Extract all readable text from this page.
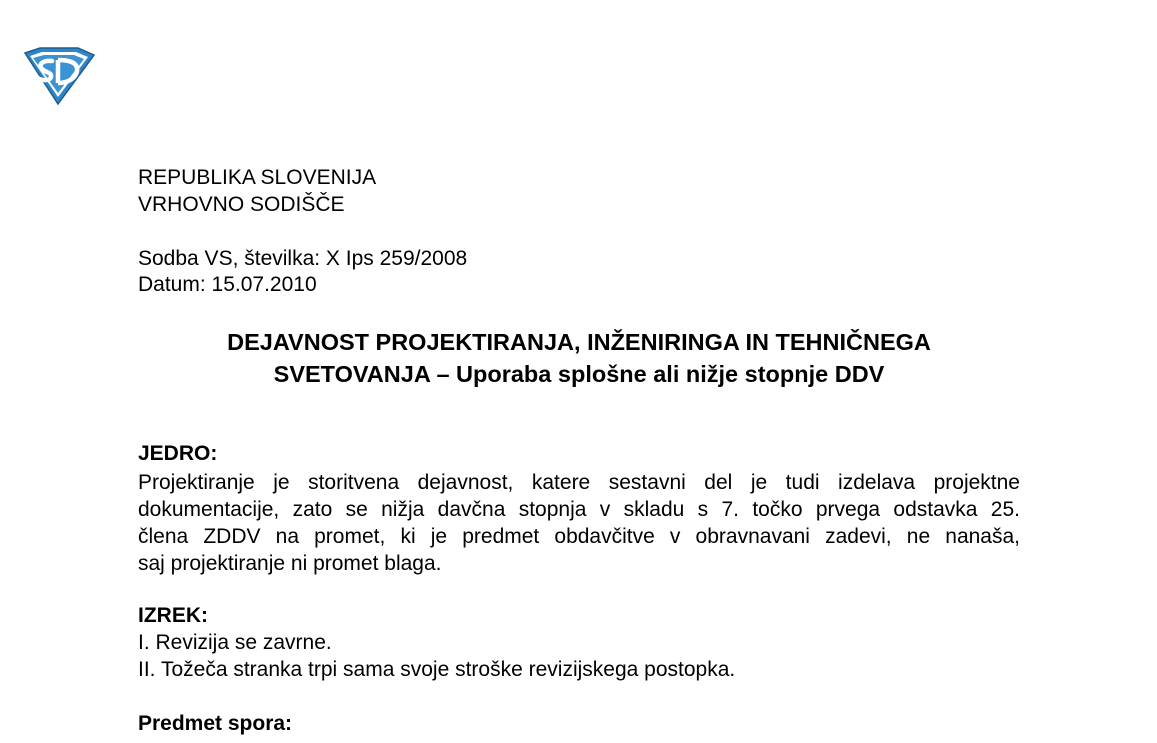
REPUBLIKA SLOVENIJA
VRHOVNO SODIŠČE
Sodba VS, številka: X Ips 259/2008
Datum: 15.07.2010
DEJAVNOST PROJEKTIRANJA, INŽENIRINGA IN TEHNIČNEGA
SVETOVANJA – Uporaba splošne ali nižje stopnje DDV
JEDRO:
Projektiranje je storitvena dejavnost, katere sestavni del je tudi izdelava projektne
dokumentacije, zato se nižja davčna stopnja v skladu s 7. točko prvega odstavka 25.
člena ZDDV na promet, ki je predmet obdavčitve v obravnavani zadevi, ne nanaša,
saj projektiranje ni promet blaga.
IZREK:
I. Revizija se zavrne.
II. Tožeča stranka trpi sama svoje stroške revizijskega postopka.
Predmet spora:
